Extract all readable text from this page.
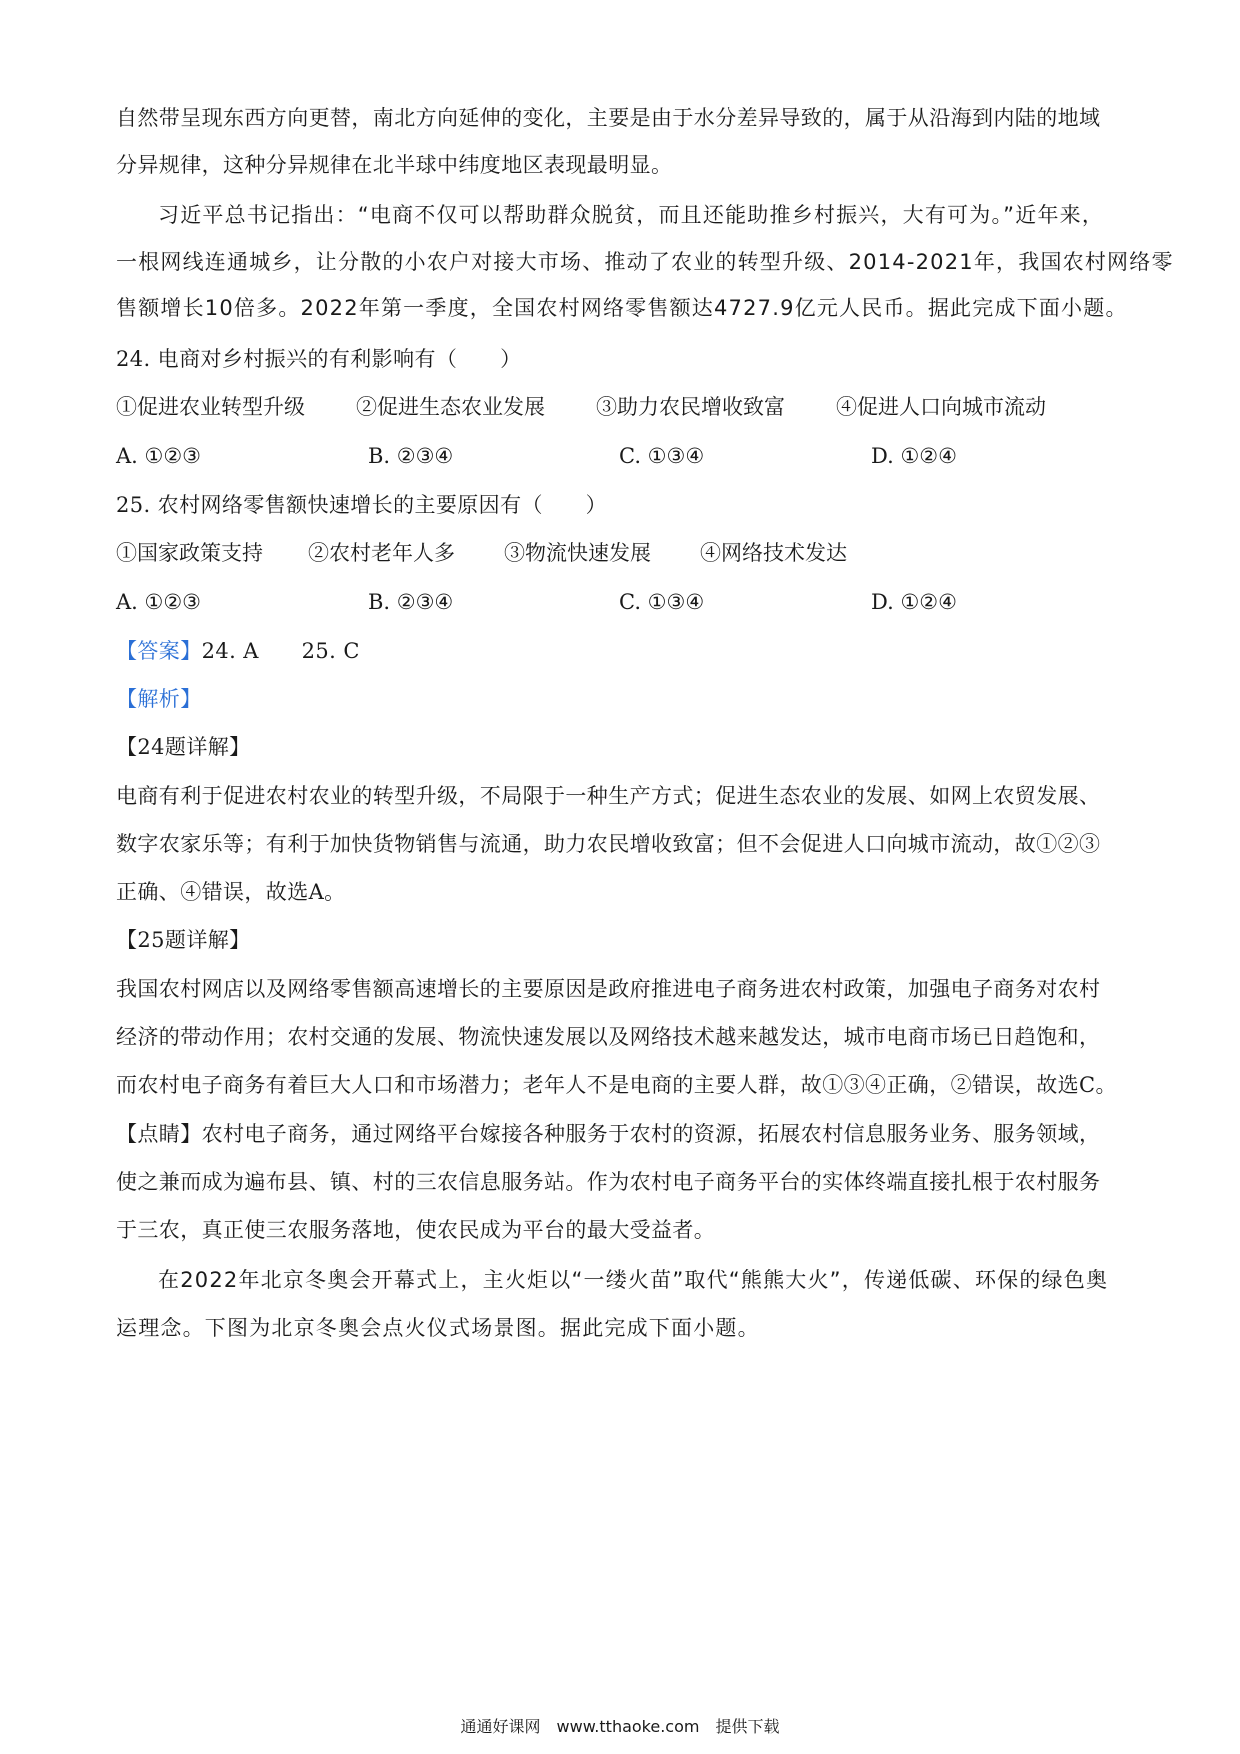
自然带呈现东西方向更替，南北方向延伸的变化，主要是由于水分差异导致的，属于从沿海到内陆的地域
分异规律，这种分异规律在北半球中纬度地区表现最明显。
习近平总书记指出：“电商不仅可以帮助群众脱贫，而且还能助推乡村振兴，大有可为。”近年来，
一根网线连通城乡，让分散的小农户对接大市场、推动了农业的转型升级、2014-2021年，我国农村网络零
售额增长10倍多。2022年第一季度，全国农村网络零售额达4727.9亿元人民币。据此完成下面小题。
24. 电商对乡村振兴的有利影响有（　　）
①促进农业转型升级 ②促进生态农业发展 ③助力农民增收致富 ④促进人口向城市流动
A. ①②③	B. ②③④	C. ①③④	D. ①②④
25. 农村网络零售额快速增长的主要原因有（　　）
①国家政策支持 ②农村老年人多 ③物流快速发展 ④网络技术发达
A. ①②③	B. ②③④	C. ①③④	D. ①②④
【答案】24. A　　25. C
【解析】
【24题详解】
电商有利于促进农村农业的转型升级，不局限于一种生产方式；促进生态农业的发展、如网上农贸发展、
数字农家乐等；有利于加快货物销售与流通，助力农民增收致富；但不会促进人口向城市流动，故①②③
正确、④错误，故选A。
【25题详解】
我国农村网店以及网络零售额高速增长的主要原因是政府推进电子商务进农村政策，加强电子商务对农村
经济的带动作用；农村交通的发展、物流快速发展以及网络技术越来越发达，城市电商市场已日趋饱和，
而农村电子商务有着巨大人口和市场潜力；老年人不是电商的主要人群，故①③④正确，②错误，故选C。
【点睛】农村电子商务，通过网络平台嫁接各种服务于农村的资源，拓展农村信息服务业务、服务领域，
使之兼而成为遍布县、镇、村的三农信息服务站。作为农村电子商务平台的实体终端直接扎根于农村服务
于三农，真正使三农服务落地，使农民成为平台的最大受益者。
在2022年北京冬奥会开幕式上，主火炬以“一缕火苗”取代“熊熊大火”，传递低碳、环保的绿色奥
运理念。下图为北京冬奥会点火仪式场景图。据此完成下面小题。
通通好课网　www.tthaoke.com　提供下载
